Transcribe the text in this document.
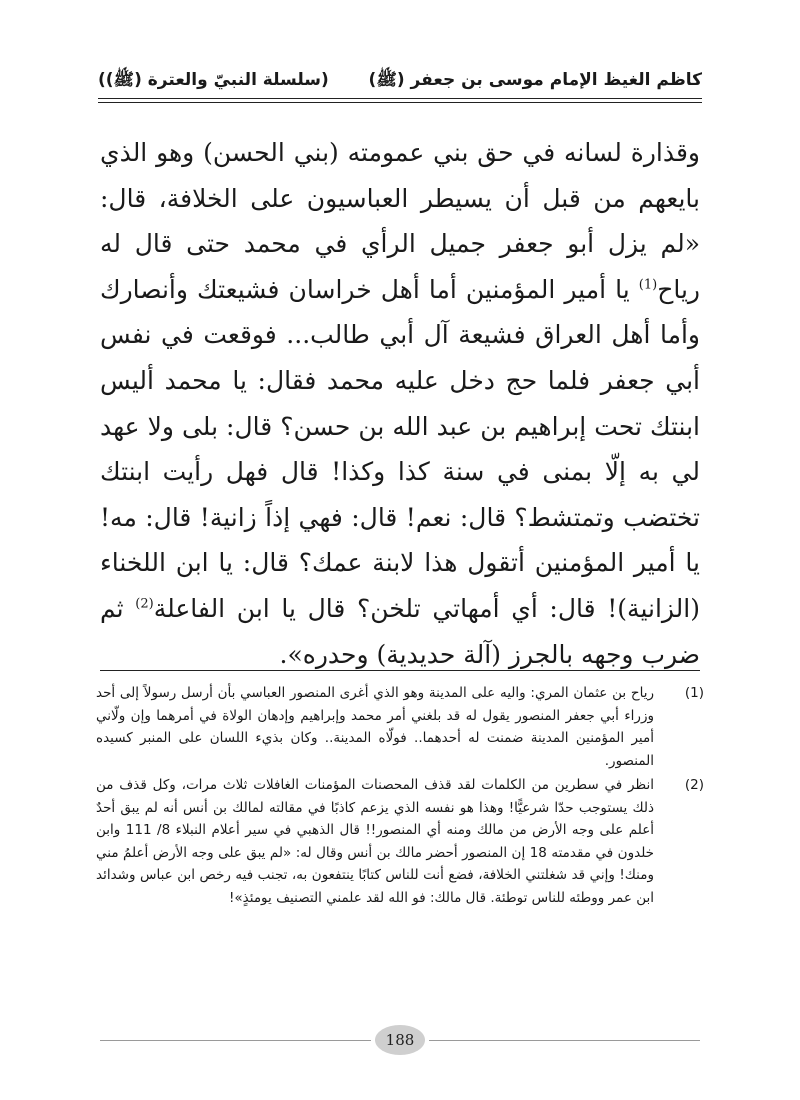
(سلسلة النبيّ والعترة (ﷺ)) كاظم الغيظ الإمام موسى بن جعفر (ﷺ)

وقذارة لسانه في حق بني عمومته (بني الحسن) وهو الذي بايعهم من قبل أن يسيطر العباسيون على الخلافة، قال: «لم يزل أبو جعفر جميل الرأي في محمد حتى قال له رياح$^{(1)}$ يا أمير المؤمنين أما أهل خراسان فشيعتك وأنصارك وأما أهل العراق فشيعة آل أبي طالب... فوقعت في نفس أبي جعفر فلما حج دخل عليه محمد فقال: يا محمد أليس ابنتك تحت إبراهيم بن عبد الله بن حسن؟ قال: بلى ولا عهد لي به إلّا بمنى في سنة كذا وكذا! قال فهل رأيت ابنتك تختضب وتمتشط؟ قال: نعم! قال: فهي إذاً زانية! قال: مه! يا أمير المؤمنين أتقول هذا لابنة عمك؟ قال: يا ابن اللخناء (الزانية)! قال: أي أمهاتي تلخن؟ قال يا ابن الفاعلة$^{(2)}$ ثم ضرب وجهه بالجرز (آلة حديدية) وحدره».

(1)
رياح بن عثمان المري: واليه على المدينة وهو الذي أغرى المنصور العباسي بأن أرسل رسولاً إلى أحد وزراء أبي جعفر المنصور يقول له قد بلغني أمر محمد وإبراهيم وإدهان الولاة في أمرهما وإن ولّاني أمير المؤمنين المدينة ضمنت له أحدهما.. فولّاه المدينة.. وكان بذيء اللسان على المنبر كسيده المنصور.
(2)
انظر في سطرين من الكلمات لقد قذف المحصنات المؤمنات الغافلات ثلاث مرات، وكل قذف من ذلك يستوجب حدّا شرعيًّا! وهذا هو نفسه الذي يزعم كاذبًا في مقالته لمالك بن أنس أنه لم يبق أحدٌ أعلم على وجه الأرض من مالك ومنه أي المنصور!! قال الذهبي في سير أعلام النبلاء 8/ 111 وابن خلدون في مقدمته 18 إن المنصور أحضر مالك بن أنس وقال له: «لم يبق على وجه الأرض أعلمُ مني ومنك! وإني قد شغلتني الخلافة، فضع أنت للناس كتابًا ينتفعون به، تجنب فيه رخص ابن عباس وشدائد ابن عمر ووطئه للناس توطئة. قال مالك: فو الله لقد علمني التصنيف يومئذٍ»!
188
